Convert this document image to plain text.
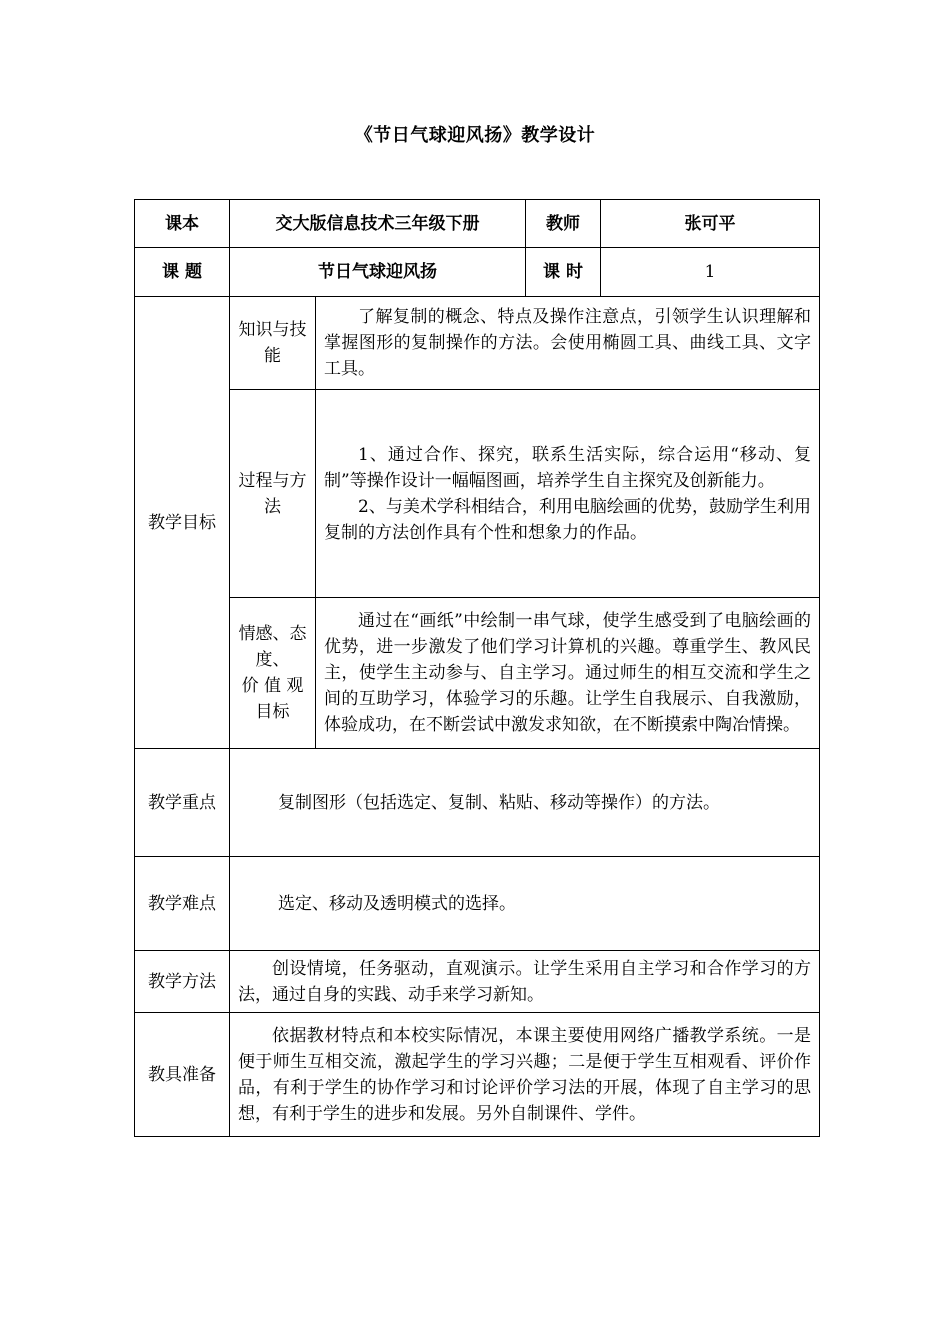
《节日气球迎风扬》教学设计
课本	交大版信息技术三年级下册		教师	张可平
课 题	节日气球迎风扬		课 时	1
教学目标	知识与技能	了解复制的概念、特点及操作注意点，引领学生认识理解和掌握图形的复制操作的方法。会使用椭圆工具、曲线工具、文字工具。		

	过程与方法	1、通过合作、探究，联系生活实际，综合运用“移动、复制”等操作设计一幅幅图画，培养学生自主探究及创新能力。

2、与美术学科相结合，利用电脑绘画的优势，鼓励学生利用复制的方法创作具有个性和想象力的作品。		

	情感、态
度、
价 值 观
目标	通过在“画纸”中绘制一串气球，使学生感受到了电脑绘画的优势，进一步激发了他们学习计算机的兴趣。尊重学生、教风民主，使学生主动参与、自主学习。通过师生的相互交流和学生之间的互助学习，体验学习的乐趣。让学生自我展示、自我激励，体验成功，在不断尝试中激发求知欲，在不断摸索中陶冶情操。		

教学重点	复制图形（包括选定、复制、粘贴、移动等操作）的方法。			
教学难点	选定、移动及透明模式的选择。			
教学方法	创设情境，任务驱动，直观演示。让学生采用自主学习和合作学习的方法，通过自身的实践、动手来学习新知。			

教具准备	依据教材特点和本校实际情况，本课主要使用网络广播教学系统。一是便于师生互相交流，激起学生的学习兴趣；二是便于学生互相观看、评价作品，有利于学生的协作学习和讨论评价学习法的开展，体现了自主学习的思想，有利于学生的进步和发展。另外自制课件、学件。			
